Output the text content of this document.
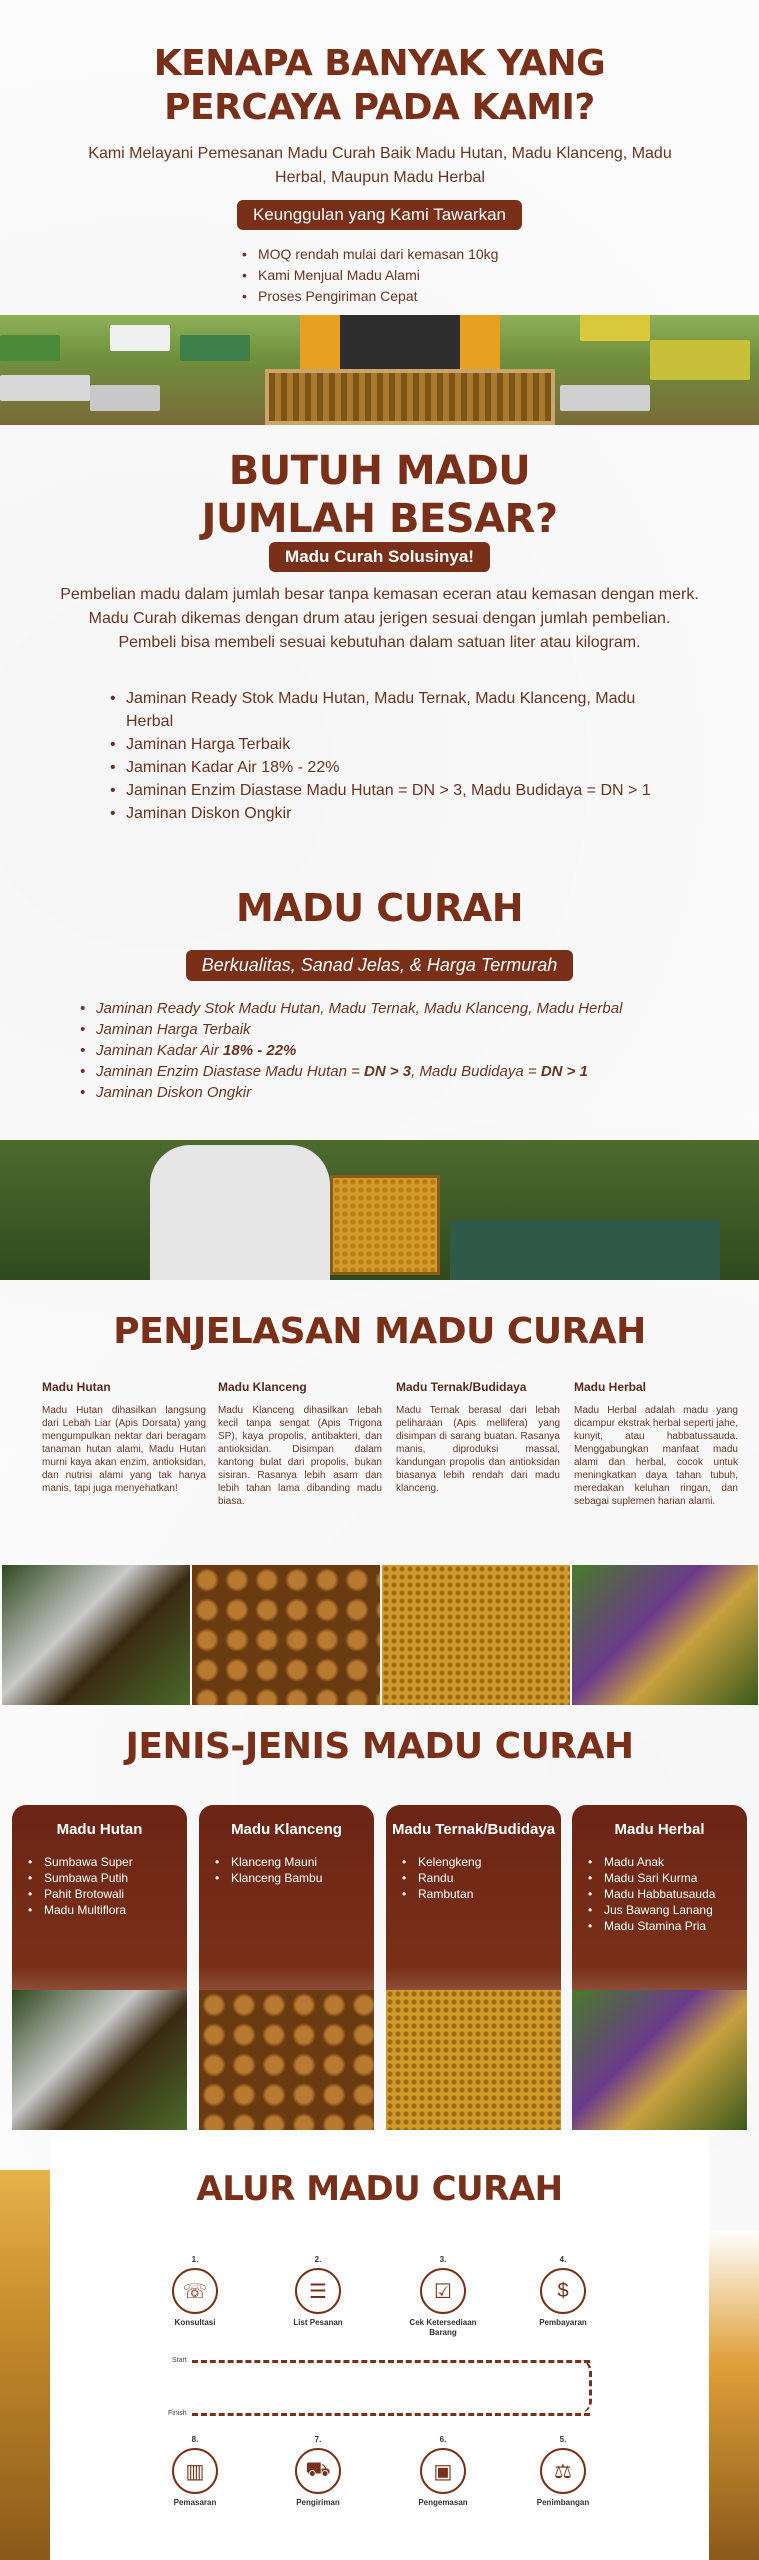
KENAPA BANYAK YANG
PERCAYA PADA KAMI?

Kami Melayani Pemesanan Madu Curah Baik Madu Hutan, Madu Klanceng, Madu Herbal, Maupun Madu Herbal

Keunggulan yang Kami Tawarkan
• MOQ rendah mulai dari kemasan 10kg
• Kami Menjual Madu Alami
• Proses Pengiriman Cepat
BUTUH MADU
JUMLAH BESAR?
Madu Curah Solusinya!

Pembelian madu dalam jumlah besar tanpa kemasan eceran atau kemasan dengan merk. Madu Curah dikemas dengan drum atau jerigen sesuai dengan jumlah pembelian. Pembeli bisa membeli sesuai kebutuhan dalam satuan liter atau kilogram.

• Jaminan Ready Stok Madu Hutan, Madu Ternak, Madu Klanceng, Madu Herbal
• Jaminan Harga Terbaik
• Jaminan Kadar Air 18% - 22%
• Jaminan Enzim Diastase Madu Hutan = DN > 3, Madu Budidaya = DN > 1
• Jaminan Diskon Ongkir
MADU CURAH
Berkualitas, Sanad Jelas, & Harga Termurah
• Jaminan Ready Stok Madu Hutan, Madu Ternak, Madu Klanceng, Madu Herbal
• Jaminan Harga Terbaik
• Jaminan Kadar Air 18% - 22%
• Jaminan Enzim Diastase Madu Hutan = DN > 3, Madu Budidaya = DN > 1
• Jaminan Diskon Ongkir
PENJELASAN MADU CURAH
Madu Hutan

Madu Hutan dihasilkan langsung dari Lebah Liar (Apis Dorsata) yang mengumpulkan nektar dari beragam tanaman hutan alami, Madu Hutan murni kaya akan enzim, antioksidan, dan nutrisi alami yang tak hanya manis, tapi juga menyehatkan!

Madu Klanceng

Madu Klanceng dihasilkan lebah kecil tanpa sengat (Apis Trigona SP), kaya propolis, antibakteri, dan antioksidan. Disimpan dalam kantong bulat dari propolis, bukan sisiran. Rasanya lebih asam dan lebih tahan lama dibanding madu biasa.

Madu Ternak/Budidaya

Madu Ternak berasal dari lebah peliharaan (Apis mellifera) yang disimpan di sarang buatan. Rasanya manis, diproduksi massal, kandungan propolis dan antioksidan biasanya lebih rendah dari madu klanceng.

Madu Herbal

Madu Herbal adalah madu yang dicampur ekstrak herbal seperti jahe, kunyit, atau habbatussauda. Menggabungkan manfaat madu alami dan herbal, cocok untuk meningkatkan daya tahan tubuh, meredakan keluhan ringan, dan sebagai suplemen harian alami.

JENIS-JENIS MADU CURAH
Madu Hutan
• Sumbawa Super
• Sumbawa Putih
• Pahit Brotowali
• Madu Multiflora
Madu Klanceng
• Klanceng Mauni
• Klanceng Bambu
Madu Ternak/Budidaya
• Kelengkeng
• Randu
• Rambutan
Madu Herbal
• Madu Anak
• Madu Sari Kurma
• Madu Habbatusauda
• Jus Bawang Lanang
• Madu Stamina Pria
ALUR MADU CURAH
1.
☏
Konsultasi
2.
☰
List Pesanan
3.
☑
Cek Ketersediaan Barang
4.
$
Pembayaran
Start
Finish
8.
▥
Pemasaran
7.
⛟
Pengiriman
6.
▣
Pengemasan
5.
⚖
Penimbangan
